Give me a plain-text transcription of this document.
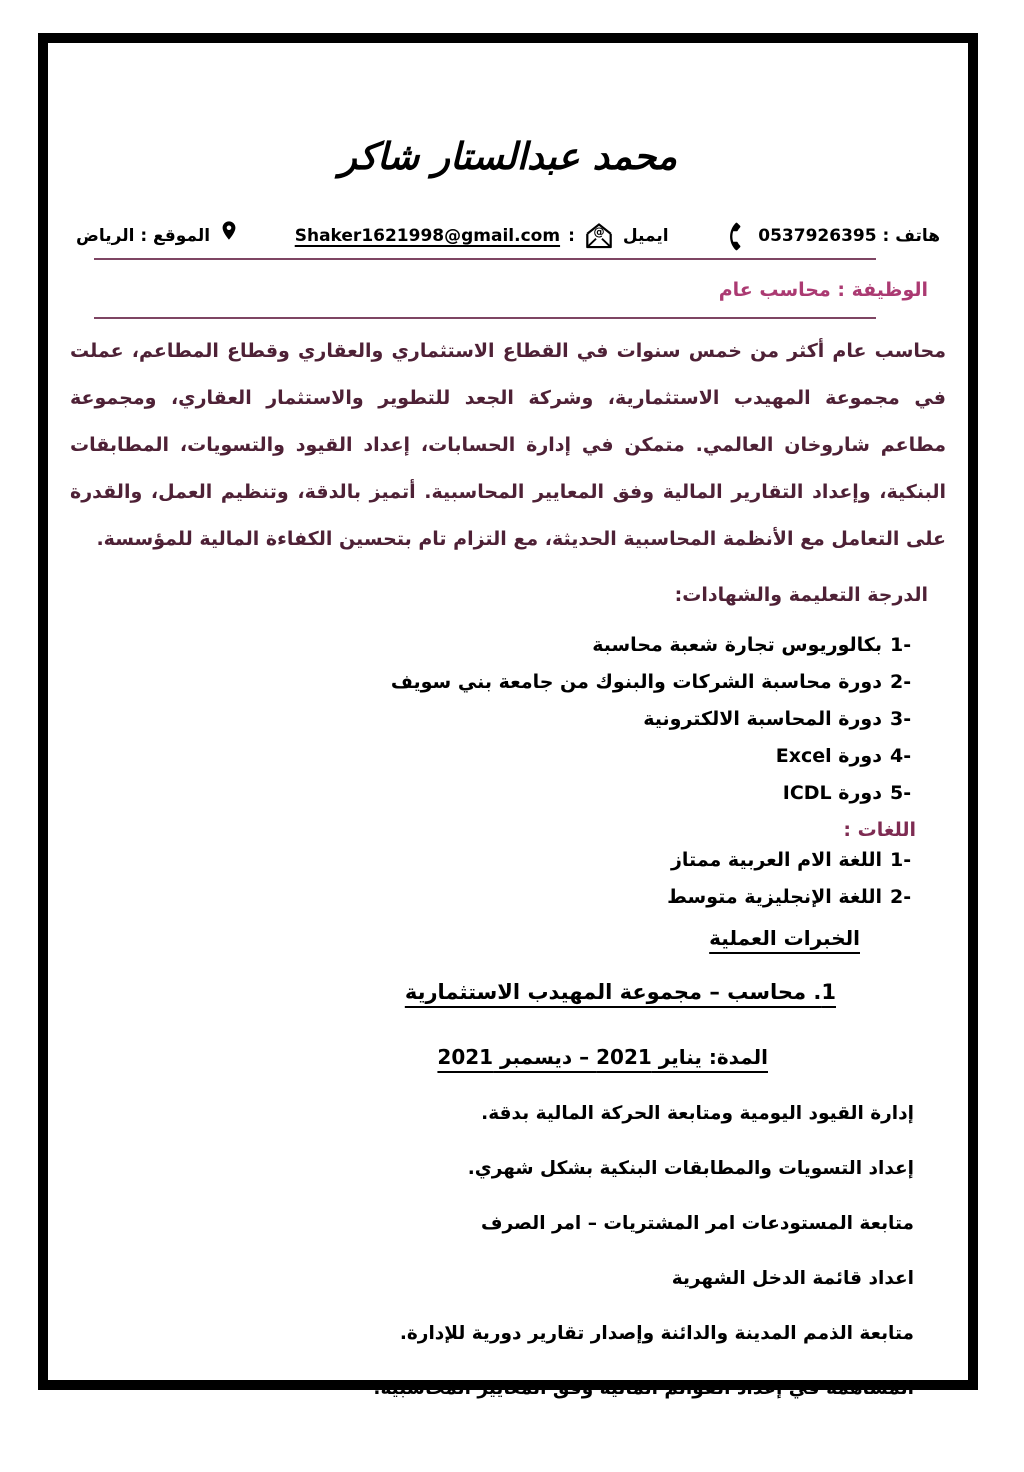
محمد عبدالستار شاكر
هاتف : 0537926395
ايميل
@
:
Shaker1621998@gmail.com
الموقع : الرياض
الوظيفة : محاسب عام

محاسب عام أكثر من خمس سنوات في القطاع الاستثماري والعقاري وقطاع المطاعم، عملت في مجموعة المهيدب الاستثمارية، وشركة الجعد للتطوير والاستثمار العقاري، ومجموعة مطاعم شاروخان العالمي. متمكن في إدارة الحسابات، إعداد القيود والتسويات، المطابقات البنكية، وإعداد التقارير المالية وفق المعايير المحاسبية. أتميز بالدقة، وتنظيم العمل، والقدرة على التعامل مع الأنظمة المحاسبية الحديثة، مع التزام تام بتحسين الكفاءة المالية للمؤسسة.

الدرجة التعليمة والشهادات:
1-
بكالوريوس تجارة شعبة محاسبة
2-
دورة محاسبة الشركات والبنوك من جامعة بني سويف
3-
دورة المحاسبة الالكترونية
4-
دورة Excel
5-
دورة ICDL
اللغات :
1-
اللغة الام العربية ممتاز
2-
اللغة الإنجليزية متوسط
الخبرات العملية
1. محاسب – مجموعة المهيدب الاستثمارية
المدة: يناير 2021 – ديسمبر 2021
إدارة القيود اليومية ومتابعة الحركة المالية بدقة.
إعداد التسويات والمطابقات البنكية بشكل شهري.
متابعة المستودعات امر المشتريات – امر الصرف
اعداد قائمة الدخل الشهرية
متابعة الذمم المدينة والدائنة وإصدار تقارير دورية للإدارة.
المساهمة في إعداد القوائم المالية وفق المعايير المحاسبية.
